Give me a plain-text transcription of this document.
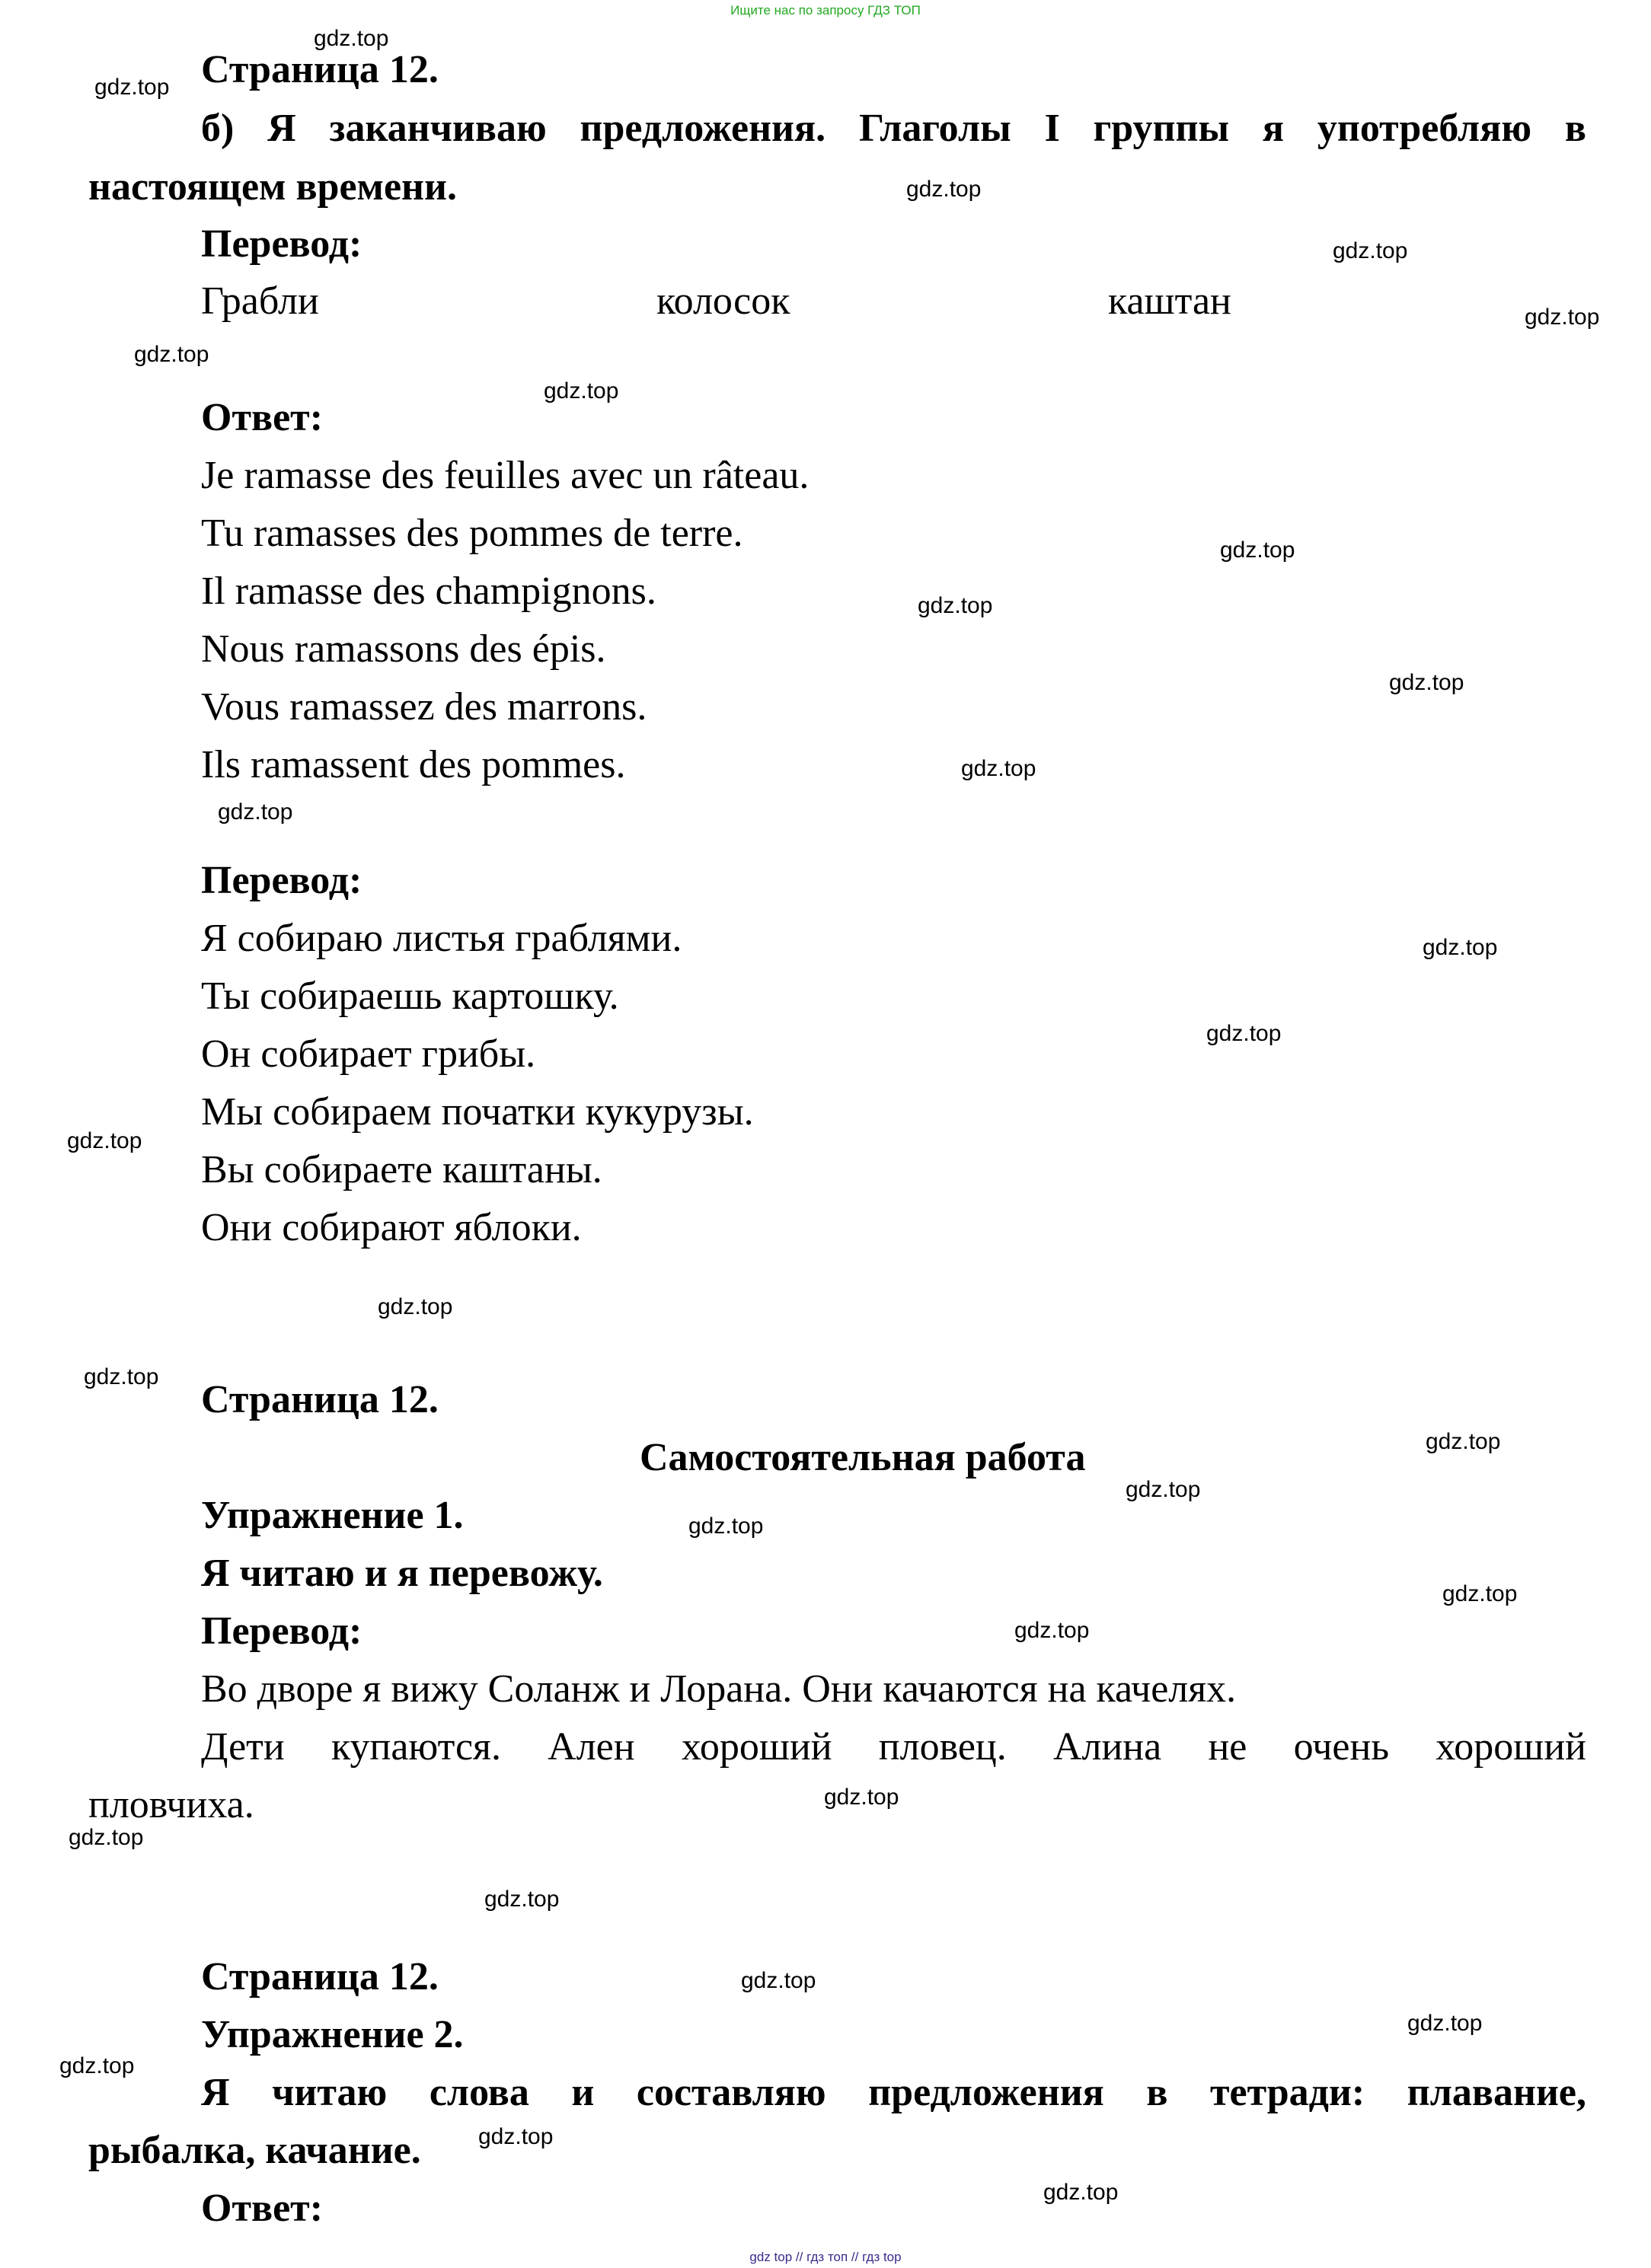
Ищите нас по запросу ГДЗ ТОП
Страница 12.
б) Я заканчиваю предложения. Глаголы I группы я употребляю в
настоящем времени.
Перевод:
Грабли	колосок	каштан
Ответ:
Je ramasse des feuilles avec un râteau.
Tu ramasses des pommes de terre.
Il ramasse des champignons.
Nous ramassons des épis.
Vous ramassez des marrons.
Ils ramassent des pommes.
Перевод:
Я собираю листья граблями.
Ты собираешь картошку.
Он собирает грибы.
Мы собираем початки кукурузы.
Вы собираете каштаны.
Они собирают яблоки.
Страница 12.
Самостоятельная работа
Упражнение 1.
Я читаю и я перевожу.
Перевод:
Во дворе я вижу Соланж и Лорана. Они качаются на качелях.
Дети купаются. Ален хороший пловец. Алина не очень хороший
пловчиха.
Страница 12.
Упражнение 2.
Я читаю слова и составляю предложения в тетради: плавание,
рыбалка, качание.
Ответ:
gdz.top
gdz.top
gdz.top
gdz.top
gdz.top
gdz.top
gdz.top
gdz.top
gdz.top
gdz.top
gdz.top
gdz.top
gdz.top
gdz.top
gdz.top
gdz.top
gdz.top
gdz.top
gdz.top
gdz.top
gdz.top
gdz.top
gdz.top
gdz.top
gdz.top
gdz.top
gdz.top
gdz.top
gdz.top
gdz.top
gdz top // гдз топ // гдз top
